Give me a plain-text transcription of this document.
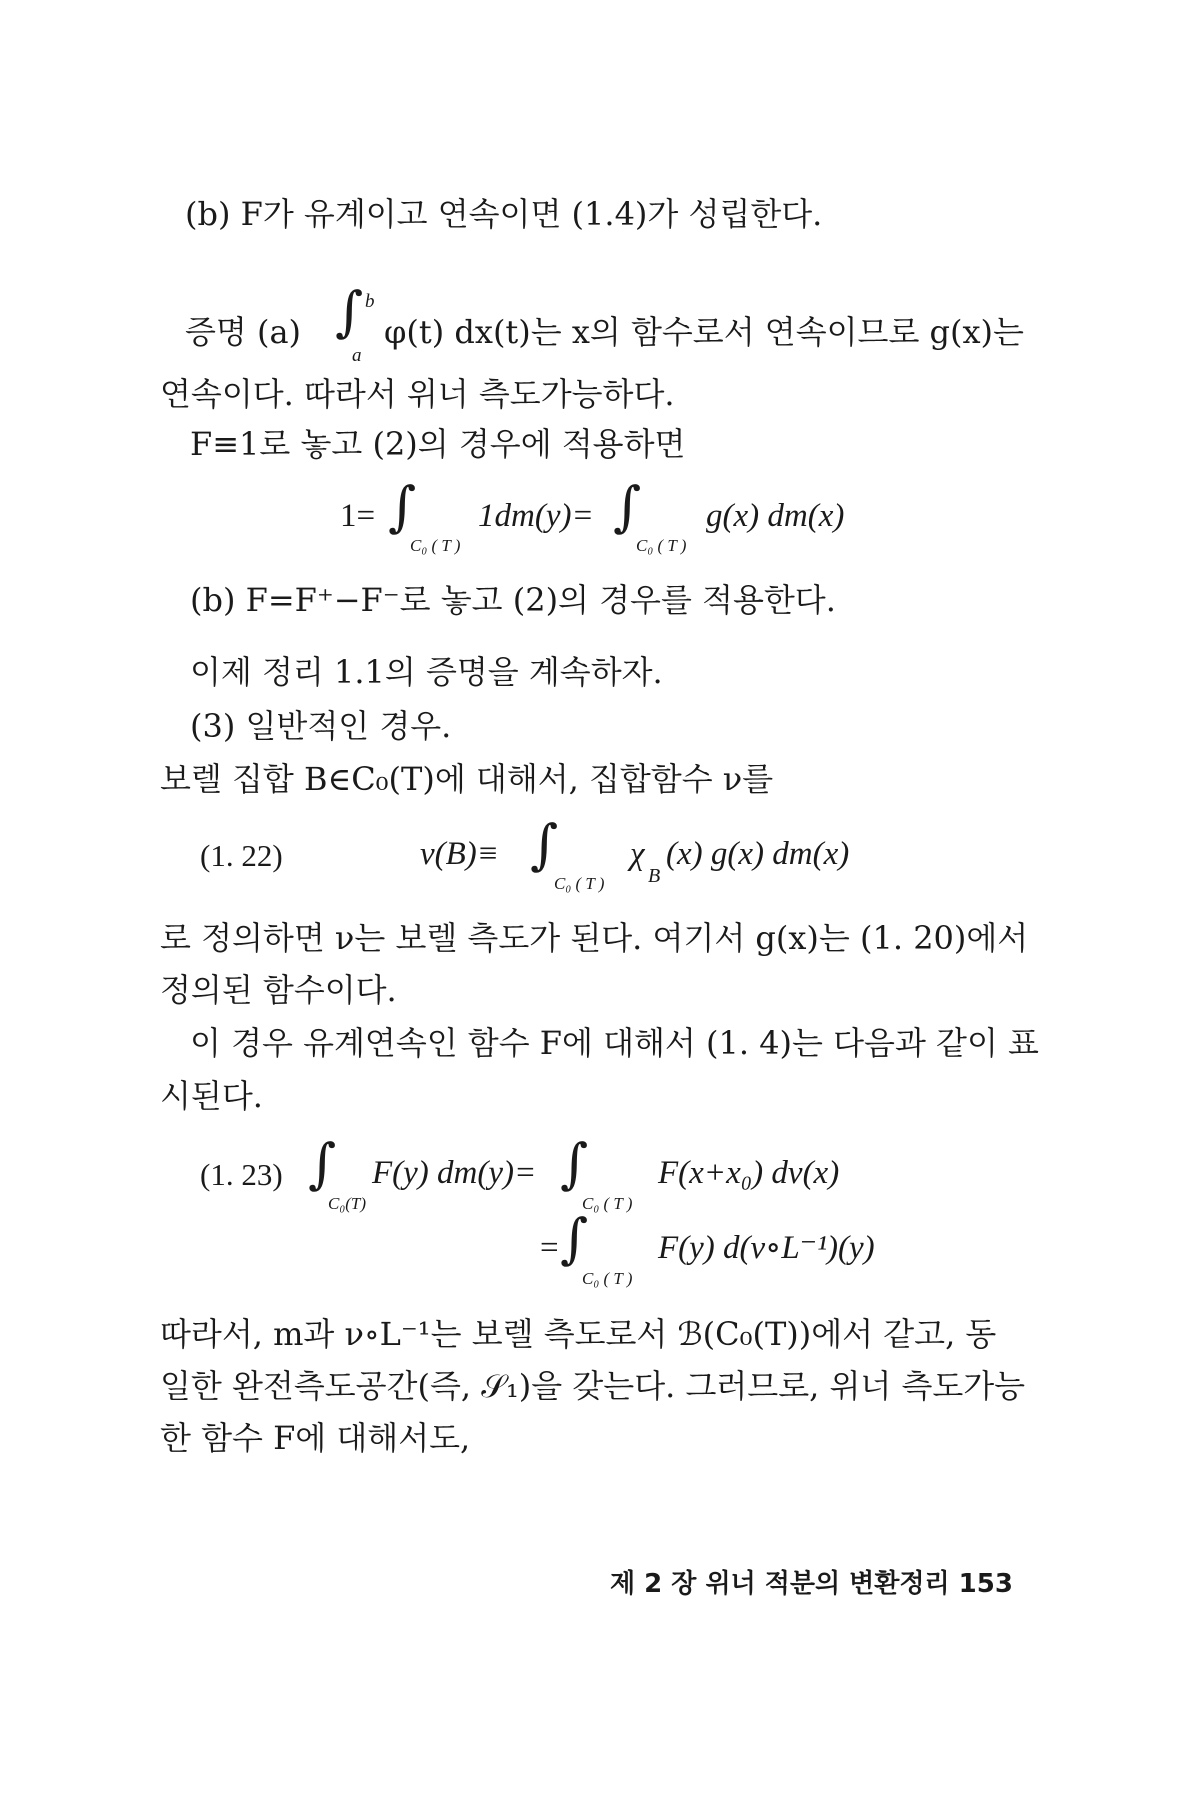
(b) F가 유계이고 연속이면 (1.4)가 성립한다.
증명 (a) ∫ b
a
φ(t) dx(t)는 x의 함수로서 연속이므로 g(x)는
연속이다. 따라서 위너 측도가능하다.
F≡1로 놓고 (2)의 경우에 적용하면
1= ∫
C₀ ( T )
1dm(y)= ∫
C₀ ( T )
g(x) dm(x)
(b) F=F⁺−F⁻로 놓고 (2)의 경우를 적용한다.
이제 정리 1.1의 증명을 계속하자.
(3) 일반적인 경우.
보렐 집합 B∈C₀(T)에 대해서, 집합함수 ν를
(1. 22)	ν(B)≡ ∫
C₀ ( T )
χ
B
(x) g(x) dm(x)
로 정의하면 ν는 보렐 측도가 된다. 여기서 g(x)는 (1. 20)에서
정의된 함수이다.
이 경우 유계연속인 함수 F에 대해서 (1. 4)는 다음과 같이 표
시된다.
(1. 23) ∫
C₀(T)
F(y) dm(y)= ∫
C₀ ( T )
F(x+x₀) dν(x)
= ∫
C₀ ( T )
F(y) d(ν∘L⁻¹)(y)
따라서, m과 ν∘L⁻¹는 보렐 측도로서 ℬ(C₀(T))에서 같고, 동
일한 완전측도공간(즉, 𝒮₁)을 갖는다. 그러므로, 위너 측도가능
한 함수 F에 대해서도,
제 2 장 위너 적분의 변환정리 153
